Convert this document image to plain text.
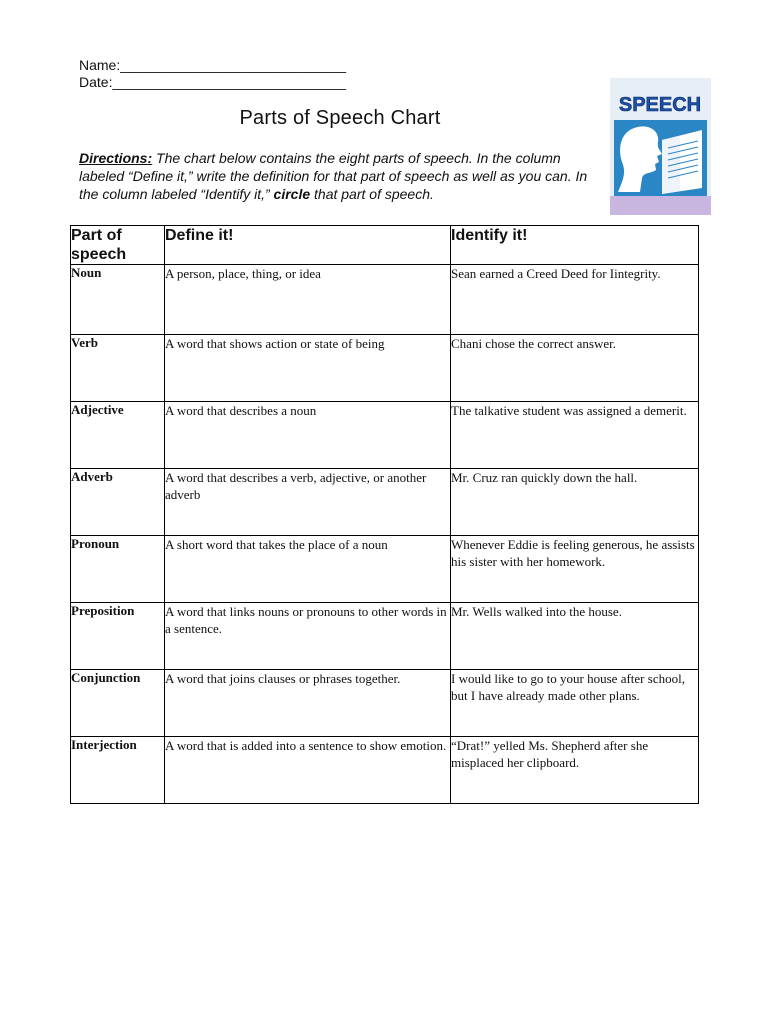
Name:_____________________________
Date:______________________________
Parts of Speech Chart
Directions: The chart below contains the eight parts of speech. In the column labeled “Define it,” write the definition for that part of speech as well as you can. In the column labeled “Identify it,” circle that part of speech.
SPEECH
Part of speech	Define it!	Identify it!
Noun	A person, place, thing, or idea	Sean earned a Creed Deed for Iintegrity.
Verb	A word that shows action or state of being	Chani chose the correct answer.
Adjective	A word that describes a noun	The talkative student was assigned a demerit.
Adverb	A word that describes a verb, adjective, or another adverb	Mr. Cruz ran quickly down the hall.
Pronoun	A short word that takes the place of a noun	Whenever Eddie is feeling generous, he assists his sister with her homework.
Preposition	A word that links nouns or pronouns to other words in a sentence.	Mr. Wells walked into the house.
Conjunction	A word that joins clauses or phrases together.	I would like to go to your house after school, but I have already made other plans.
Interjection	A word that is added into a sentence to show emotion.	“Drat!” yelled Ms. Shepherd after she misplaced her clipboard.
